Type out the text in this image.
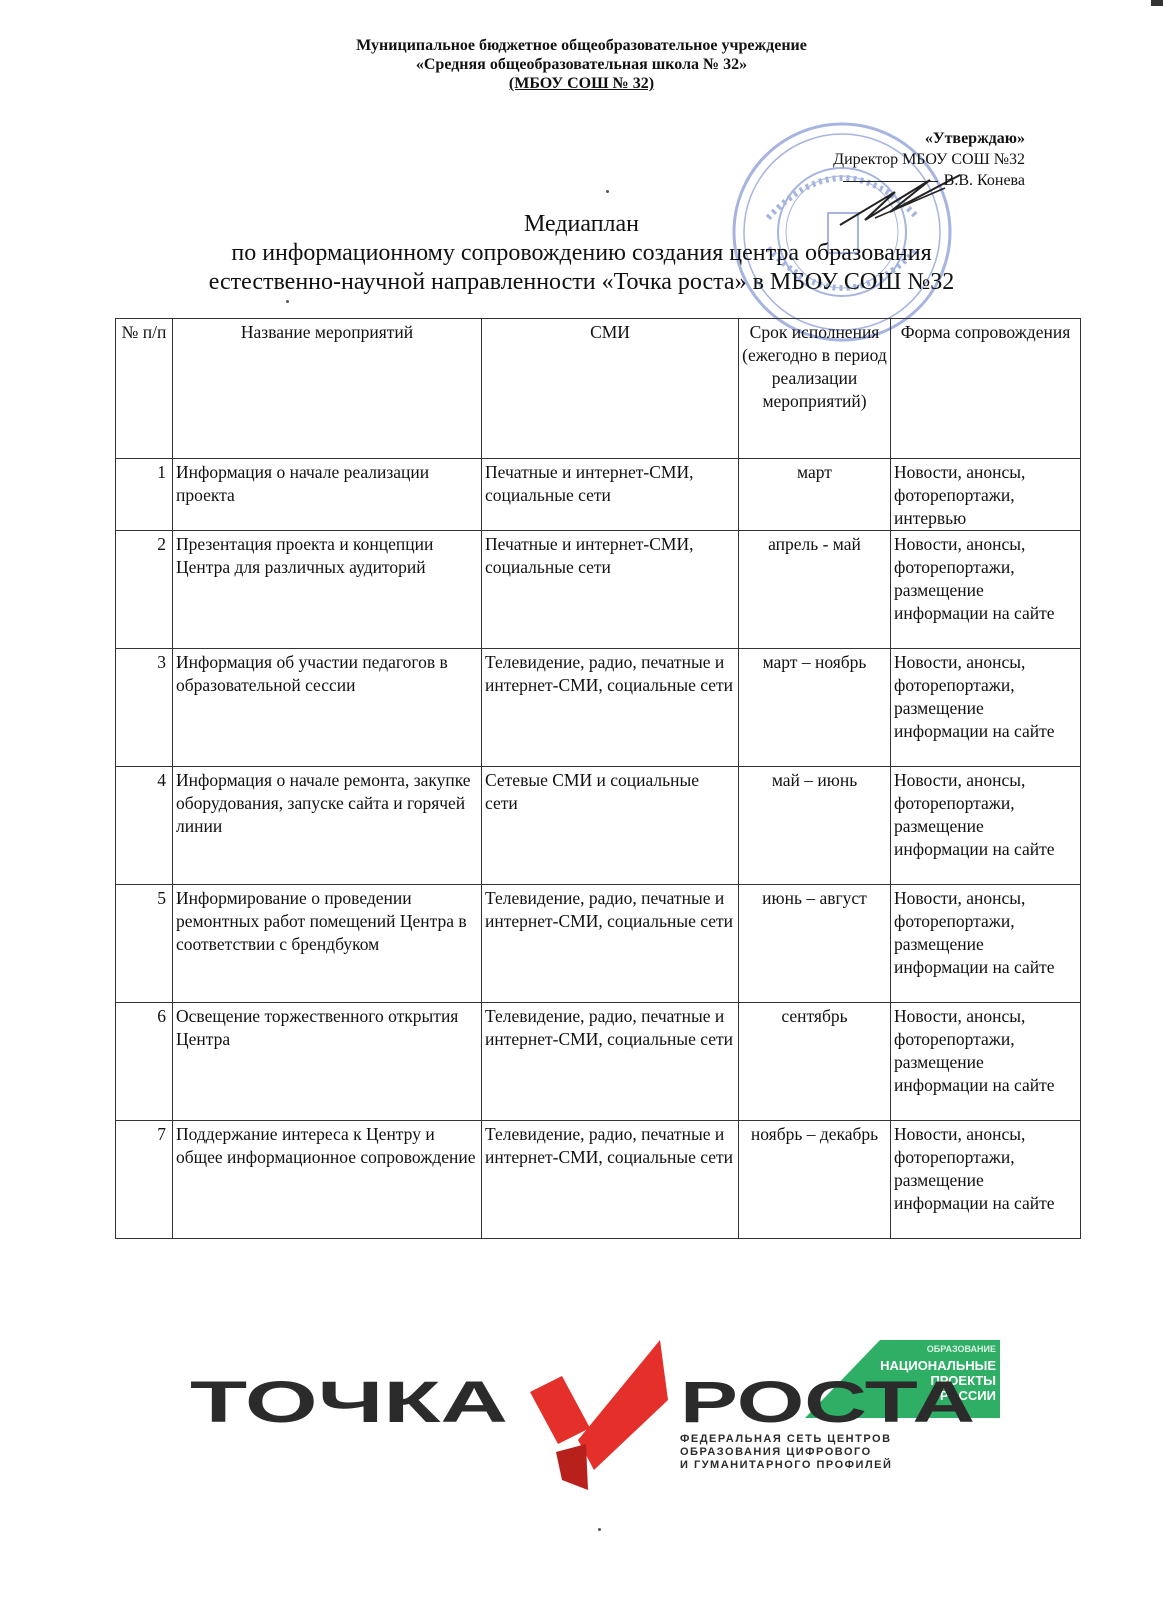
Муниципальное бюджетное общеобразовательное учреждение
«Средняя общеобразовательная школа № 32»
(МБОУ СОШ № 32)
«Утверждаю»
Директор МБОУ СОШ №32
В.В. Конева
Медиаплан
по информационному сопровождению создания центра образования
естественно-научной направленности «Точка роста» в МБОУ СОШ №32
№ п/п	Название мероприятий	СМИ	Срок исполнения (ежегодно в период реализации мероприятий)	Форма сопровождения
1	Информация о начале реализации проекта	Печатные и интернет-СМИ, социальные сети	март	Новости, анонсы, фоторепортажи, интервью
2	Презентация проекта и концепции Центра для различных аудиторий	Печатные и интернет-СМИ, социальные сети	апрель - май	Новости, анонсы, фоторепортажи, размещение информации на сайте
3	Информация об участии педагогов в образовательной сессии	Телевидение, радио, печатные и интернет-СМИ, социальные сети	март – ноябрь	Новости, анонсы, фоторепортажи, размещение информации на сайте
4	Информация о начале ремонта, закупке оборудования, запуске сайта и горячей линии	Сетевые СМИ и социальные сети	май – июнь	Новости, анонсы, фоторепортажи, размещение информации на сайте
5	Информирование о проведении ремонтных работ помещений Центра в соответствии с брендбуком	Телевидение, радио, печатные и интернет-СМИ, социальные сети	июнь – август	Новости, анонсы, фоторепортажи, размещение информации на сайте
6	Освещение торжественного открытия Центра	Телевидение, радио, печатные и интернет-СМИ, социальные сети	сентябрь	Новости, анонсы, фоторепортажи, размещение информации на сайте
7	Поддержание интереса к Центру и общее информационное сопровождение	Телевидение, радио, печатные и интернет-СМИ, социальные сети	ноябрь – декабрь	Новости, анонсы, фоторепортажи, размещение информации на сайте
ОБРАЗОВАНИЕ
НАЦИОНАЛЬНЫЕ
ПРОЕКТЫ
РОССИИ
ТОЧКА	РОСТА
ФЕДЕРАЛЬНАЯ СЕТЬ ЦЕНТРОВ
ОБРАЗОВАНИЯ ЦИФРОВОГО
И ГУМАНИТАРНОГО ПРОФИЛЕЙ
